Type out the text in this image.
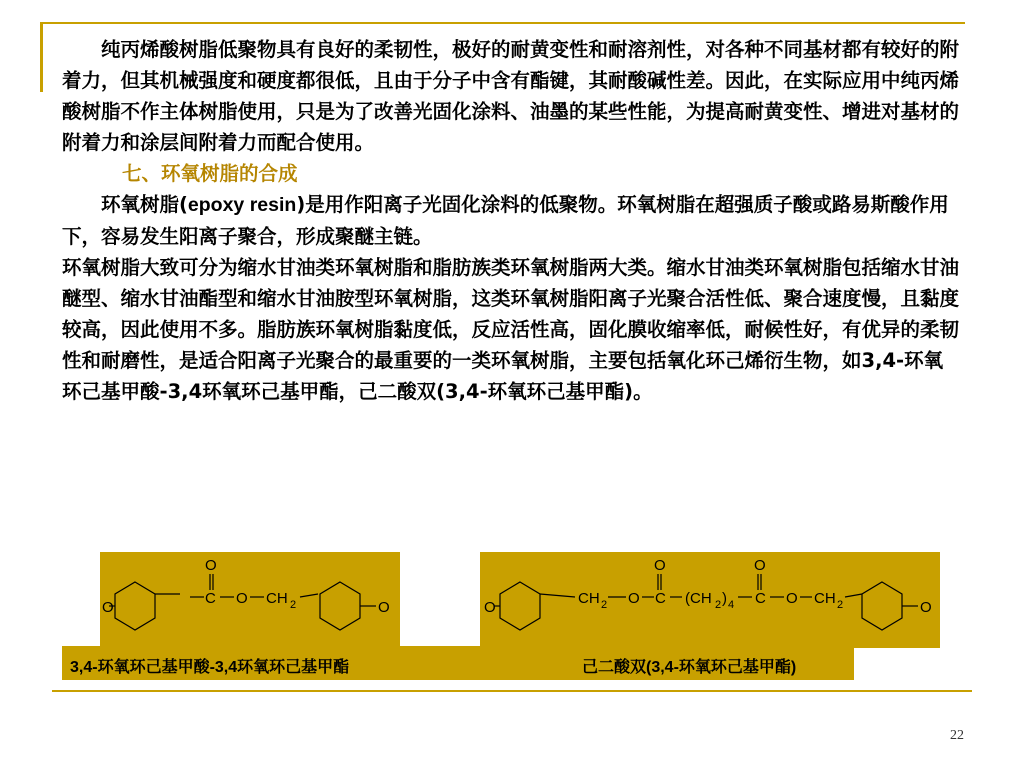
纯丙烯酸树脂低聚物具有良好的柔韧性，极好的耐黄变性和耐溶剂性，对各种不同基材都有较好的附着力，但其机械强度和硬度都很低，且由于分子中含有酯键，其耐酸碱性差。因此，在实际应用中纯丙烯酸树脂不作主体树脂使用，只是为了改善光固化涂料、油墨的某些性能，为提高耐黄变性、增进对基材的附着力和涂层间附着力而配合使用。

七、环氧树脂的合成

环氧树脂(epoxy resin)是用作阳离子光固化涂料的低聚物。环氧树脂在超强质子酸或路易斯酸作用下，容易发生阳离子聚合，形成聚醚主链。

环氧树脂大致可分为缩水甘油类环氧树脂和脂肪族类环氧树脂两大类。缩水甘油类环氧树脂包括缩水甘油醚型、缩水甘油酯型和缩水甘油胺型环氧树脂，这类环氧树脂阳离子光聚合活性低、聚合速度慢，且黏度较高，因此使用不多。脂肪族环氧树脂黏度低，反应活性高，固化膜收缩率低，耐候性好，有优异的柔韧性和耐磨性，是适合阳离子光聚合的最重要的一类环氧树脂，主要包括氧化环己烯衍生物，如3,4-环氧环己基甲酸-3,4环氧环己基甲酯，己二酸双(3,4-环氧环己基甲酯)。

O
C O CH 2
O	O
CH 2 O
O
C (CH 2 ) 4
O
C O CH 2
O	O
3,4-环氧环己基甲酸-3,4环氧环己基甲酯	己二酸双(3,4-环氧环己基甲酯)
22
